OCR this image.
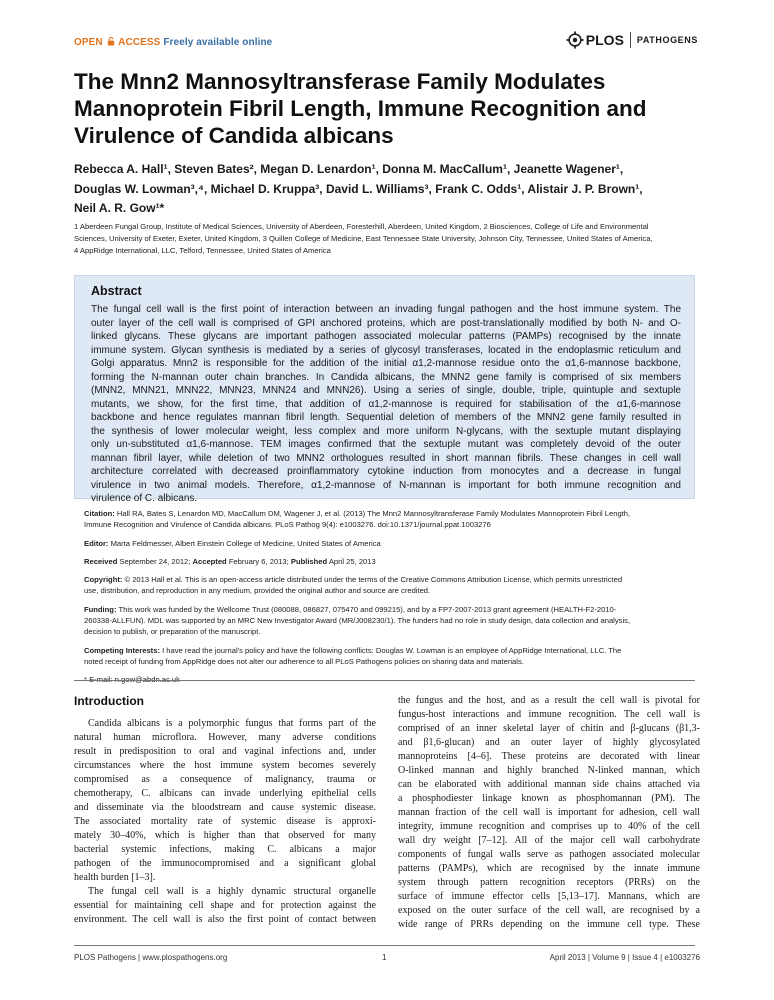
OPEN ACCESS Freely available online	PLOS PATHOGENS
The Mnn2 Mannosyltransferase Family Modulates
Mannoprotein Fibril Length, Immune Recognition and
Virulence of Candida albicans
Rebecca A. Hall¹, Steven Bates², Megan D. Lenardon¹, Donna M. MacCallum¹, Jeanette Wagener¹,
Douglas W. Lowman³,⁴, Michael D. Kruppa³, David L. Williams³, Frank C. Odds¹, Alistair J. P. Brown¹,
Neil A. R. Gow¹*
1 Aberdeen Fungal Group, Institute of Medical Sciences, University of Aberdeen, Foresterhill, Aberdeen, United Kingdom, 2 Biosciences, College of Life and Environmental
Sciences, University of Exeter, Exeter, United Kingdom, 3 Quillen College of Medicine, East Tennessee State University, Johnson City, Tennessee, United States of America,
4 AppRidge International, LLC, Telford, Tennessee, United States of America
Abstract
The fungal cell wall is the first point of interaction between an invading fungal pathogen and the host immune system. The
outer layer of the cell wall is comprised of GPI anchored proteins, which are post-translationally modified by both N- and O-
linked glycans. These glycans are important pathogen associated molecular patterns (PAMPs) recognised by the innate
immune system. Glycan synthesis is mediated by a series of glycosyl transferases, located in the endoplasmic reticulum and
Golgi apparatus. Mnn2 is responsible for the addition of the initial α1,2-mannose residue onto the α1,6-mannose backbone,
forming the N-mannan outer chain branches. In Candida albicans, the MNN2 gene family is comprised of six members
(MNN2, MNN21, MNN22, MNN23, MNN24 and MNN26). Using a series of single, double, triple, quintuple and sextuple
mutants, we show, for the first time, that addition of α1,2-mannose is required for stabilisation of the α1,6-mannose
backbone and hence regulates mannan fibril length. Sequential deletion of members of the MNN2 gene family resulted in
the synthesis of lower molecular weight, less complex and more uniform N-glycans, with the sextuple mutant displaying
only un-substituted α1,6-mannose. TEM images confirmed that the sextuple mutant was completely devoid of the outer
mannan fibril layer, while deletion of two MNN2 orthologues resulted in short mannan fibrils. These changes in cell wall
architecture correlated with decreased proinflammatory cytokine induction from monocytes and a decrease in fungal
virulence in two animal models. Therefore, α1,2-mannose of N-mannan is important for both immune recognition and
virulence of C. albicans.
Citation: Hall RA, Bates S, Lenardon MD, MacCallum DM, Wagener J, et al. (2013) The Mnn2 Mannosyltransferase Family Modulates Mannoprotein Fibril Length,
Immune Recognition and Virulence of Candida albicans. PLoS Pathog 9(4): e1003276. doi:10.1371/journal.ppat.1003276
Editor: Marta Feldmesser, Albert Einstein College of Medicine, United States of America
Received September 24, 2012; Accepted February 6, 2013; Published April 25, 2013
Copyright: © 2013 Hall et al. This is an open-access article distributed under the terms of the Creative Commons Attribution License, which permits unrestricted
use, distribution, and reproduction in any medium, provided the original author and source are credited.
Funding: This work was funded by the Wellcome Trust (080088, 086827, 075470 and 099215), and by a FP7-2007-2013 grant agreement (HEALTH-F2-2010-
260338-ALLFUN). MDL was supported by an MRC New Investigator Award (MR/J008230/1). The funders had no role in study design, data collection and analysis,
decision to publish, or preparation of the manuscript.
Competing Interests: I have read the journal's policy and have the following conflicts: Douglas W. Lowman is an employee of AppRidge International, LLC. The
noted receipt of funding from AppRidge does not alter our adherence to all PLoS Pathogens policies on sharing data and materials.
Introduction
Candida albicans is a polymorphic fungus that forms part of the
natural human microflora. However, many adverse conditions
result in predisposition to oral and vaginal infections and, under
circumstances where the host immune system becomes severely
compromised as a consequence of malignancy, trauma or
chemotherapy, C. albicans can invade underlying epithelial cells
and disseminate via the bloodstream and cause systemic disease.
The associated mortality rate of systemic disease is approxi-
mately 30–40%, which is higher than that observed for many
bacterial systemic infections, making C. albicans a major
pathogen of the immunocompromised and a significant global
health burden [1–3].
The fungal cell wall is a highly dynamic structural organelle
essential for maintaining cell shape and for protection against the
environment. The cell wall is also the first point of contact between
the fungus and the host, and as a result the cell wall is pivotal for
fungus-host interactions and immune recognition. The cell wall is
comprised of an inner skeletal layer of chitin and β-glucans (β1,3-
and β1,6-glucan) and an outer layer of highly glycosylated
mannoproteins [4–6]. These proteins are decorated with linear
O-linked mannan and highly branched N-linked mannan, which
can be elaborated with additional mannan side chains attached via
a phosphodiester linkage known as phosphomannan (PM). The
mannan fraction of the cell wall is important for adhesion, cell wall
integrity, immune recognition and comprises up to 40% of the cell
wall dry weight [7–12]. All of the major cell wall carbohydrate
components of fungal walls serve as pathogen associated molecular
patterns (PAMPs), which are recognised by the innate immune
system through pattern recognition receptors (PRRs) on the
surface of immune effector cells [5,13–17]. Mannans, which are
exposed on the outer surface of the cell wall, are recognised by a
wide range of PRRs depending on the immune cell type. These
PLOS Pathogens | www.plospathogens.org	1	April 2013 | Volume 9 | Issue 4 | e1003276
